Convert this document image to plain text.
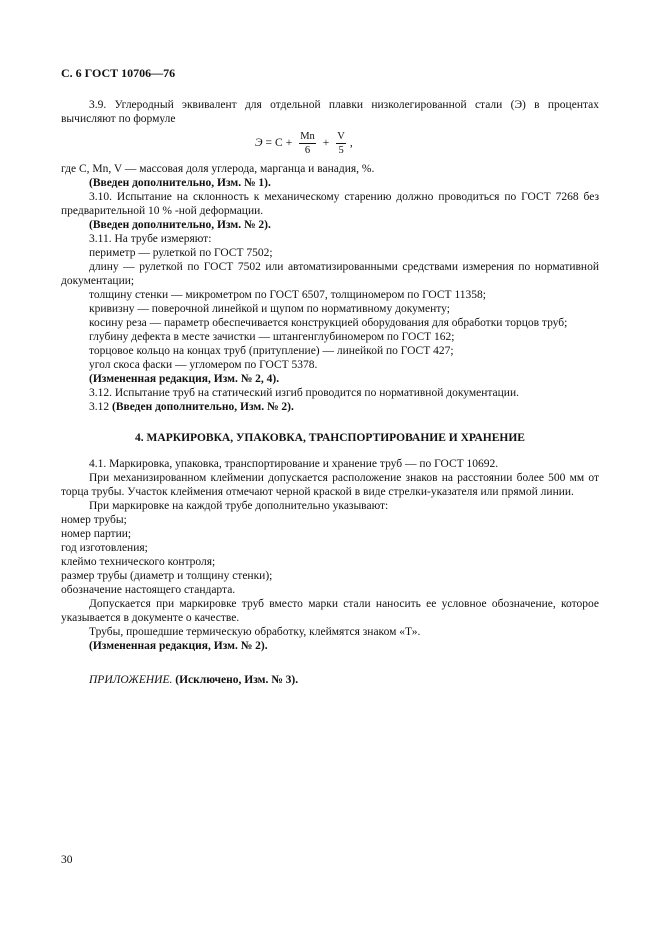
С. 6 ГОСТ 10706—76

3.9. Углеродный эквивалент для отдельной плавки низколегированной стали (Э) в процентах вычисляют по формуле

$Э = C + \frac{Mn}{6} + \frac{V}{5}$ ,

где С, Mn, V — массовая доля углерода, марганца и ванадия, %.

(Введен дополнительно, Изм. № 1).

3.10. Испытание на склонность к механическому старению должно проводиться по ГОСТ 7268 без предварительной 10 % -ной деформации.

(Введен дополнительно, Изм. № 2).

3.11. На трубе измеряют:

периметр — рулеткой по ГОСТ 7502;

длину — рулеткой по ГОСТ 7502 или автоматизированными средствами измерения по нормативной документации;

толщину стенки — микрометром по ГОСТ 6507, толщиномером по ГОСТ 11358;

кривизну — поверочной линейкой и щупом по нормативному документу;

косину реза — параметр обеспечивается конструкцией оборудования для обработки торцов труб;

глубину дефекта в месте зачистки — штангенглубиномером по ГОСТ 162;

торцовое кольцо на концах труб (притупление) — линейкой по ГОСТ 427;

угол скоса фаски — угломером по ГОСТ 5378.

(Измененная редакция, Изм. № 2, 4).

3.12. Испытание труб на статический изгиб проводится по нормативной документации.

3.12 (Введен дополнительно, Изм. № 2).

4. МАРКИРОВКА, УПАКОВКА, ТРАНСПОРТИРОВАНИЕ И ХРАНЕНИЕ

4.1. Маркировка, упаковка, транспортирование и хранение труб — по ГОСТ 10692.

При механизированном клеймении допускается расположение знаков на расстоянии более 500 мм от торца трубы. Участок клеймения отмечают черной краской в виде стрелки-указателя или прямой линии.

При маркировке на каждой трубе дополнительно указывают:

номер трубы;

номер партии;

год изготовления;

клеймо технического контроля;

размер трубы (диаметр и толщину стенки);

обозначение настоящего стандарта.

Допускается при маркировке труб вместо марки стали наносить ее условное обозначение, которое указывается в документе о качестве.

Трубы, прошедшие термическую обработку, клеймятся знаком «Т».

(Измененная редакция, Изм. № 2).

ПРИЛОЖЕНИЕ. (Исключено, Изм. № 3).

30
